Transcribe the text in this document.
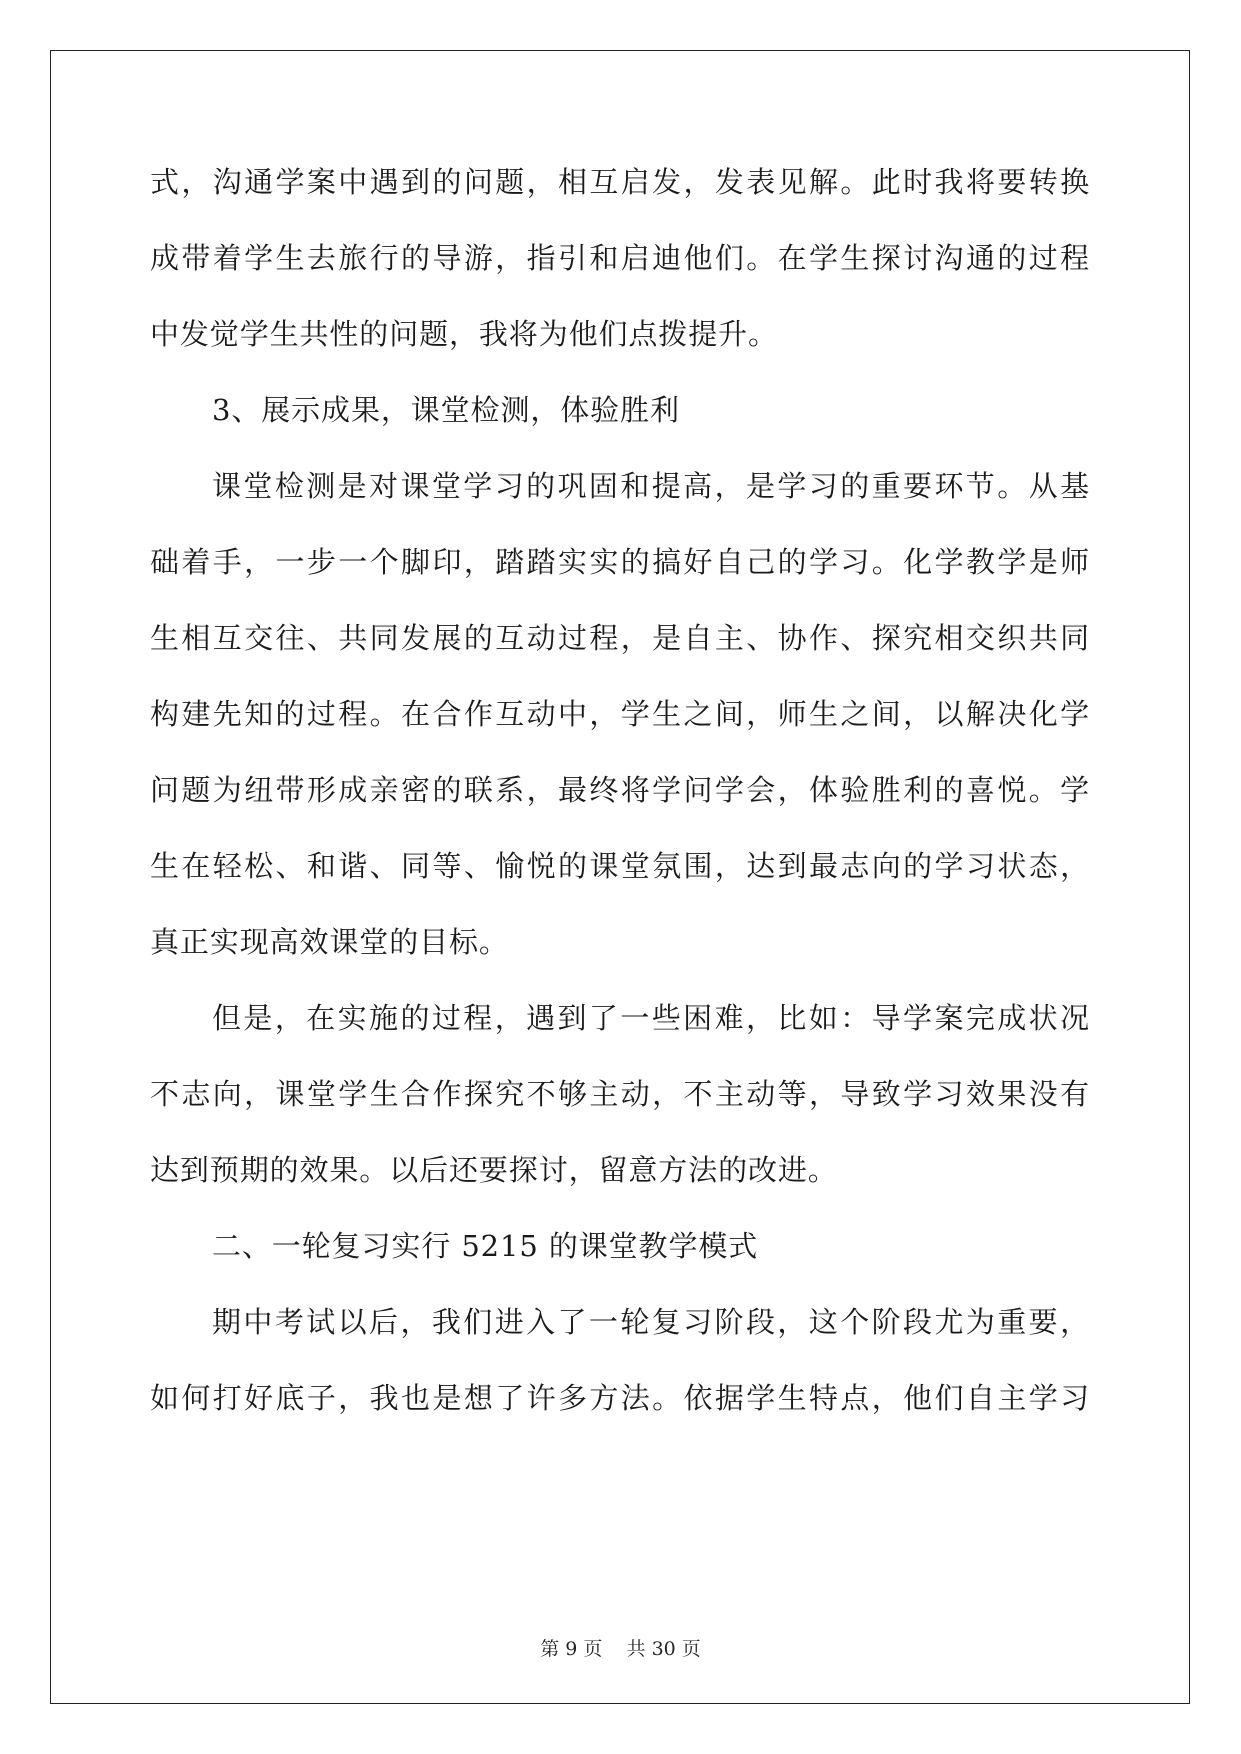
式，沟通学案中遇到的问题，相互启发，发表见解。此时我将要转换
成带着学生去旅行的导游，指引和启迪他们。在学生探讨沟通的过程
中发觉学生共性的问题，我将为他们点拨提升。
3、展示成果，课堂检测，体验胜利
课堂检测是对课堂学习的巩固和提高，是学习的重要环节。从基
础着手，一步一个脚印，踏踏实实的搞好自己的学习。化学教学是师
生相互交往、共同发展的互动过程，是自主、协作、探究相交织共同
构建先知的过程。在合作互动中，学生之间，师生之间，以解决化学
问题为纽带形成亲密的联系，最终将学问学会，体验胜利的喜悦。学
生在轻松、和谐、同等、愉悦的课堂氛围，达到最志向的学习状态，
真正实现高效课堂的目标。
但是，在实施的过程，遇到了一些困难，比如：导学案完成状况
不志向，课堂学生合作探究不够主动，不主动等，导致学习效果没有
达到预期的效果。以后还要探讨，留意方法的改进。
二、一轮复习实行 5215 的课堂教学模式
期中考试以后，我们进入了一轮复习阶段，这个阶段尤为重要，
如何打好底子，我也是想了许多方法。依据学生特点，他们自主学习
第 9 页    共 30 页
